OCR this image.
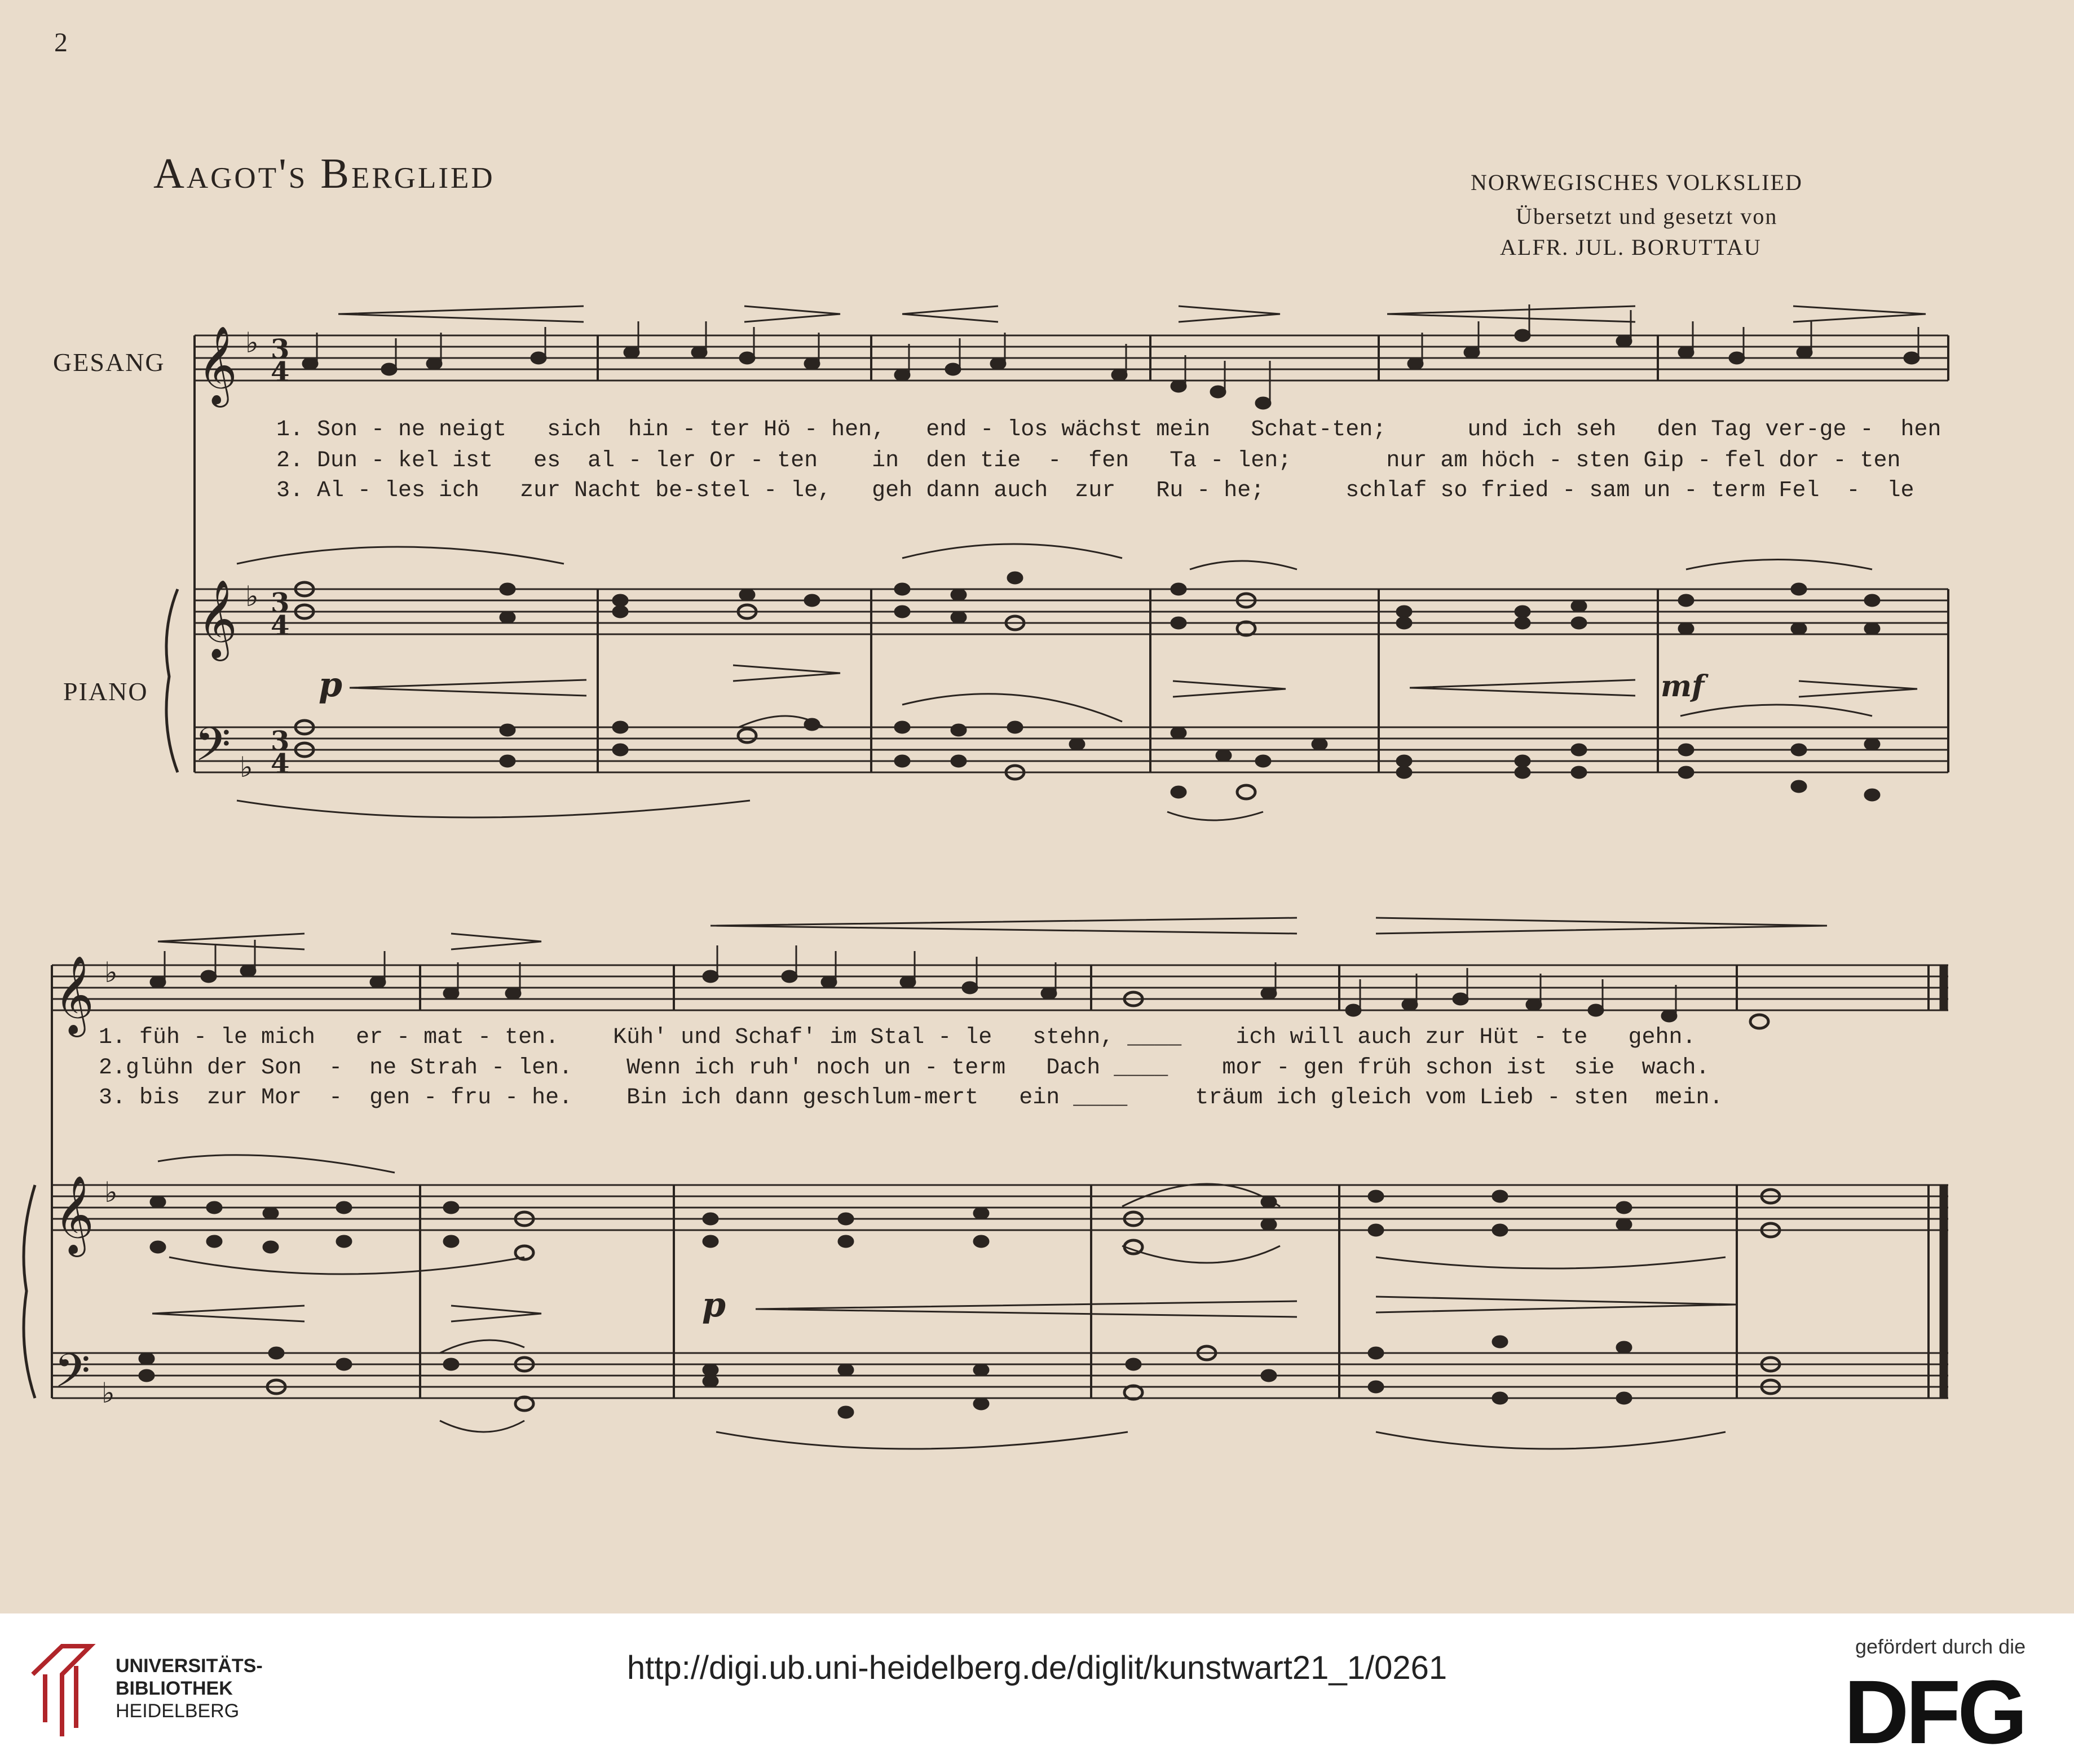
2
Aagot's Berglied	NORWEGISCHES VOLKSLIED
Übersetzt und gesetzt von
ALFR. JUL. BORUTTAU
GESANG
PIANO
𝄞
𝄞
𝄢
𝄞
𝄞
𝄢
♭
♭
♭
♭
♭
♭
3
4
3
4
3
4
p	mf
p
1. Son - ne neigt   sich  hin - ter Hö - hen,   end - los wächst mein   Schat-ten;      und ich seh   den Tag ver-ge -  hen
2. Dun - kel ist   es  al - ler Or - ten    in  den tie  -  fen   Ta - len;       nur am höch - sten Gip - fel dor - ten
3. Al - les ich   zur Nacht be-stel - le,   geh dann auch  zur   Ru - he;      schlaf so fried - sam un - term Fel  -  le
1. füh - le mich   er - mat - ten.    Küh' und Schaf' im Stal - le   stehn, ____    ich will auch zur Hüt - te   gehn.
2.glühn der Son  -  ne Strah - len.    Wenn ich ruh' noch un - term   Dach ____    mor - gen früh schon ist  sie  wach.
3. bis  zur Mor  -  gen - fru - he.    Bin ich dann geschlum-mert   ein ____     träum ich gleich vom Lieb - sten  mein.
UNIVERSITÄTS-
BIBLIOTHEK
HEIDELBERG
http://digi.ub.uni-heidelberg.de/diglit/kunstwart21_1/0261
gefördert durch die
DFG
